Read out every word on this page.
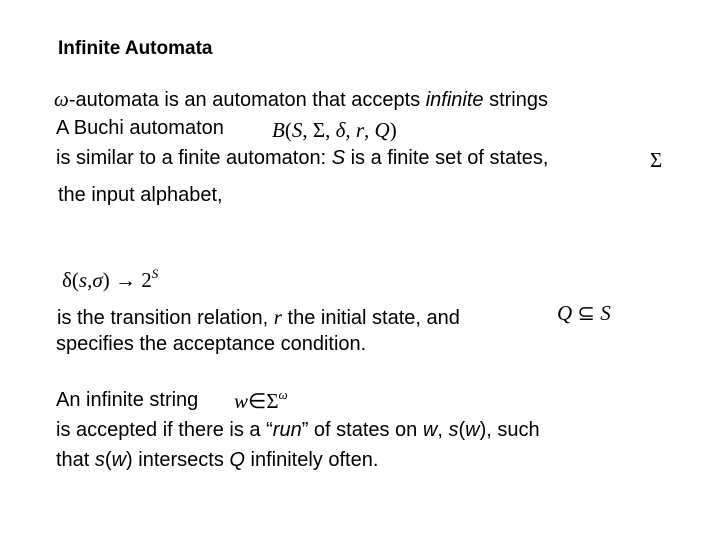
Infinite Automata
ω-automata is an automaton that accepts infinite strings
A Buchi automaton B(S, Σ, δ, r, Q)
is similar to a finite automaton: S is a finite set of states,	Σ
the input alphabet,
$\delta(s,\sigma) \to 2^S$
is the transition relation, r the initial state, and	Q ⊆ S
specifies the acceptance condition.
An infinite string $w\in\Sigma^\omega$
is accepted if there is a “run” of states on w, s(w), such
that s(w) intersects Q infinitely often.
